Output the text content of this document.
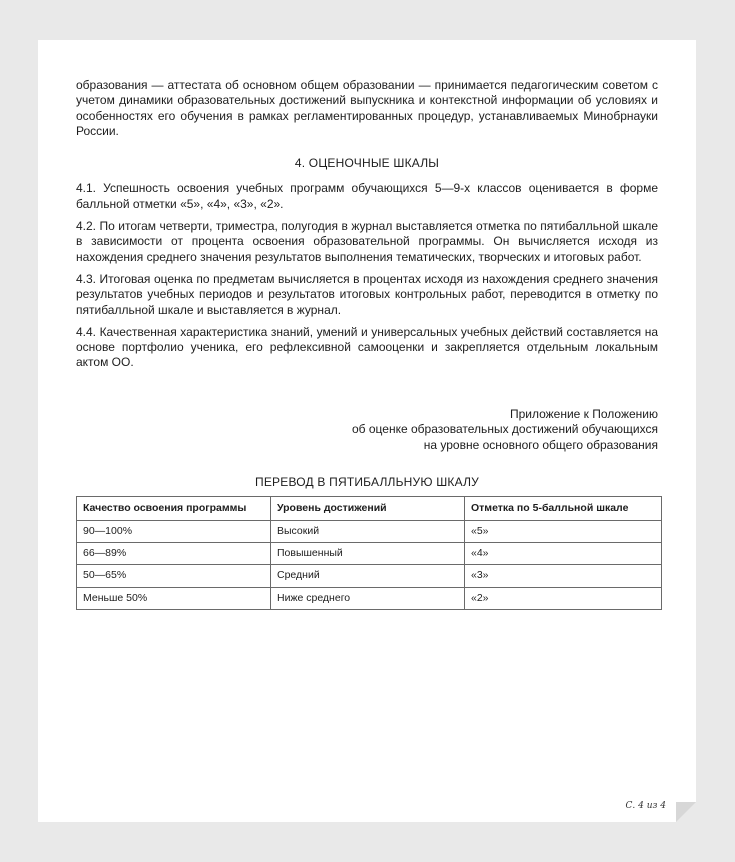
образования — аттестата об основном общем образовании — принимается педагогическим советом с учетом динамики образовательных достижений выпускника и контекстной информации об условиях и особенностях его обучения в рамках регламентированных процедур, устанавливаемых Минобрнауки России.

4. ОЦЕНОЧНЫЕ ШКАЛЫ

4.1. Успешность освоения учебных программ обучающихся 5—9-х классов оценивается в форме балльной отметки «5», «4», «3», «2».

4.2. По итогам четверти, триместра, полугодия в журнал выставляется отметка по пятибалльной шкале в зависимости от процента освоения образовательной программы. Он вычисляется исходя из нахождения среднего значения результатов выполнения тематических, творческих и итоговых работ.

4.3. Итоговая оценка по предметам вычисляется в процентах исходя из нахождения среднего значения результатов учебных периодов и результатов итоговых контрольных работ, переводится в отметку по пятибалльной шкале и выставляется в журнал.

4.4. Качественная характеристика знаний, умений и универсальных учебных действий составляется на основе портфолио ученика, его рефлексивной самооценки и закрепляется отдельным локальным актом ОО.

Приложение к Положению
об оценке образовательных достижений обучающихся
на уровне основного общего образования
ПЕРЕВОД В ПЯТИБАЛЛЬНУЮ ШКАЛУ
Качество освоения программы	Уровень достижений	Отметка по 5-балльной шкале
90—100%	Высокий	«5»
66—89%	Повышенный	«4»
50—65%	Средний	«3»
Меньше 50%	Ниже среднего	«2»
С. 4 из 4
